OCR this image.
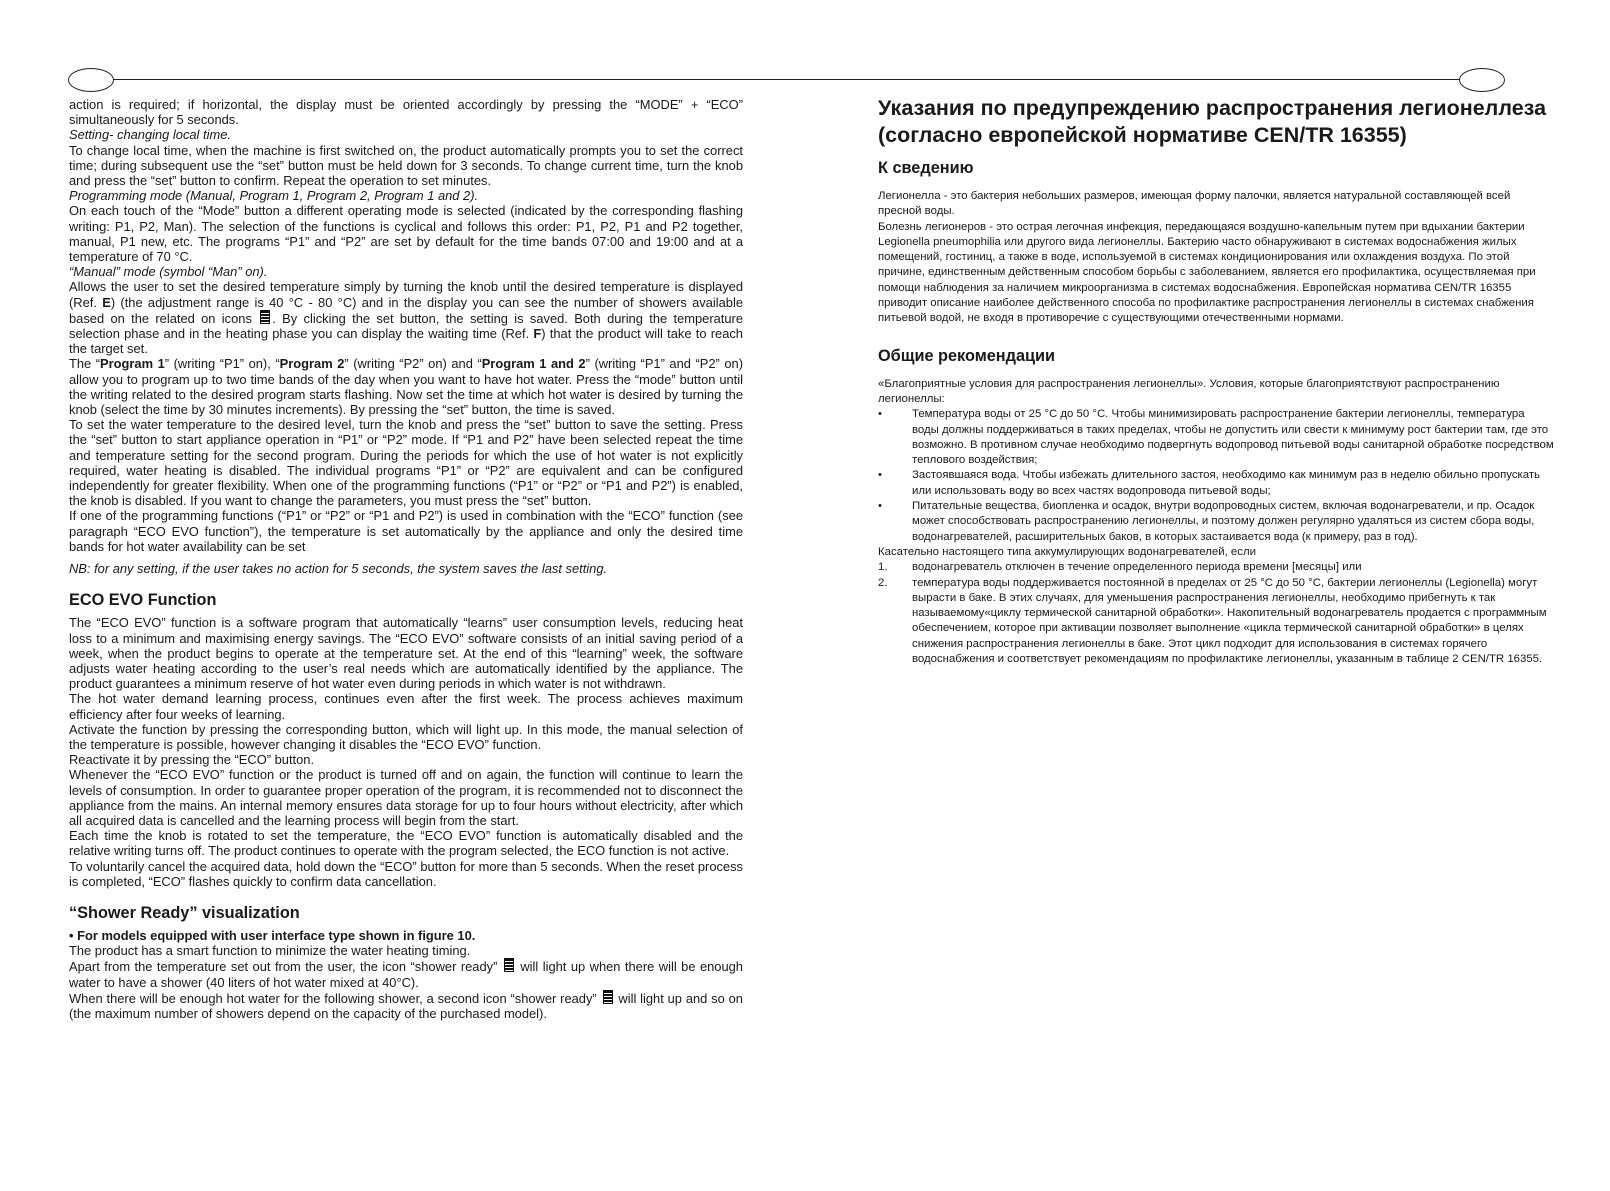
action is required; if horizontal, the display must be oriented accordingly by pressing the “MODE” + “ECO” simultaneously for 5 seconds.

Setting- changing local time.

To change local time, when the machine is first switched on, the product automatically prompts you to set the correct time; during subsequent use the “set” button must be held down for 3 seconds. To change current time, turn the knob and press the “set” button to confirm. Repeat the operation to set minutes.

Programming mode (Manual, Program 1, Program 2, Program 1 and 2).

On each touch of the “Mode” button a different operating mode is selected (indicated by the corresponding flashing writing: P1, P2, Man). The selection of the functions is cyclical and follows this order: P1, P2, P1 and P2 together, manual, P1 new, etc. The programs “P1” and “P2” are set by default for the time bands 07:00 and 19:00 and at a temperature of 70 °C.

“Manual” mode (symbol “Man” on).

Allows the user to set the desired temperature simply by turning the knob until the desired temperature is displayed (Ref. E) (the adjustment range is 40 °C - 80 °C) and in the display you can see the number of showers available based on the related on icons . By clicking the set button, the setting is saved. Both during the temperature selection phase and in the heating phase you can display the waiting time (Ref. F) that the product will take to reach the target set.

The “Program 1” (writing “P1” on), “Program 2” (writing “P2” on) and “Program 1 and 2” (writing “P1” and “P2” on) allow you to program up to two time bands of the day when you want to have hot water. Press the “mode” button until the writing related to the desired program starts flashing. Now set the time at which hot water is desired by turning the knob (select the time by 30 minutes increments). By pressing the “set” button, the time is saved.

To set the water temperature to the desired level, turn the knob and press the “set” button to save the setting. Press the “set” button to start appliance operation in “P1” or “P2” mode. If “P1 and P2” have been selected repeat the time and temperature setting for the second program. During the periods for which the use of hot water is not explicitly required, water heating is disabled. The individual programs “P1” or “P2” are equivalent and can be configured independently for greater flexibility. When one of the programming functions (“P1” or “P2” or “P1 and P2”) is enabled, the knob is disabled. If you want to change the parameters, you must press the “set” button.

If one of the programming functions (“P1” or “P2” or “P1 and P2”) is used in combination with the “ECO” function (see paragraph “ECO EVO function”), the temperature is set automatically by the appliance and only the desired time bands for hot water availability can be set

NB: for any setting, if the user takes no action for 5 seconds, the system saves the last setting.

ECO EVO Function

The “ECO EVO” function is a software program that automatically “learns” user consumption levels, reducing heat loss to a minimum and maximising energy savings. The “ECO EVO” software consists of an initial saving period of a week, when the product begins to operate at the temperature set. At the end of this “learning” week, the software adjusts water heating according to the user’s real needs which are automatically identified by the appliance. The product guarantees a minimum reserve of hot water even during periods in which water is not withdrawn.

The hot water demand learning process, continues even after the first week. The process achieves maximum efficiency after four weeks of learning.

Activate the function by pressing the corresponding button, which will light up. In this mode, the manual selection of the temperature is possible, however changing it disables the “ECO EVO” function.

Reactivate it by pressing the “ECO” button.

Whenever the “ECO EVO” function or the product is turned off and on again, the function will continue to learn the levels of consumption. In order to guarantee proper operation of the program, it is recommended not to disconnect the appliance from the mains. An internal memory ensures data storage for up to four hours without electricity, after which all acquired data is cancelled and the learning process will begin from the start.

Each time the knob is rotated to set the temperature, the “ECO EVO” function is automatically disabled and the relative writing turns off. The product continues to operate with the program selected, the ECO function is not active.

To voluntarily cancel the acquired data, hold down the “ECO” button for more than 5 seconds. When the reset process is completed, “ECO” flashes quickly to confirm data cancellation.

“Shower Ready” visualization

• For models equipped with user interface type shown in figure 10.

The product has a smart function to minimize the water heating timing.

Apart from the temperature set out from the user, the icon “shower ready” will light up when there will be enough water to have a shower (40 liters of hot water mixed at 40°C).

When there will be enough hot water for the following shower, a second icon “shower ready” will light up and so on (the maximum number of showers depend on the capacity of the purchased model).

Указания по предупреждению распространения легионеллеза
(согласно европейской нормативе CEN/TR 16355)
К сведению

Легионелла - это бактерия небольших размеров, имеющая форму палочки, является натуральной составляющей всей пресной воды.

Болезнь легионеров - это острая легочная инфекция, передающаяся воздушно-капельным путем при вдыхании бактерии Legionella pneumophilia или другого вида легионеллы. Бактерию часто обнаруживают в системах водоснабжения жилых помещений, гостиниц, а также в воде, используемой в системах кондиционирования или охлаждения воздуха. По этой причине, единственным действенным способом борьбы с заболеванием, является его профилактика, осуществляемая при помощи наблюдения за наличием микроорганизма в системах водоснабжения. Европейская нормативa CEN/TR 16355 приводит описание наиболее действенного способа по профилактике распространения легионеллы в системах снабжения питьевой водой, не входя в противоречие с существующими отечественными нормами.

Общие рекомендации

«Благоприятные условия для распространения легионеллы». Условия, которые благоприятствуют распространению легионеллы:

•	Температура воды от 25 °С до 50 °С. Чтобы минимизировать распространение бактерии легионеллы, температура воды должны поддерживаться в таких пределах, чтобы не допустить или свести к минимуму рост бактерии там, где это возможно. В противном случае необходимо подвергнуть водопровод питьевой воды санитарной обработке посредством теплового воздействия;
•	Застоявшаяся вода. Чтобы избежать длительного застоя, необходимо как минимум раз в неделю обильно пропускать или использовать воду во всех частях водопровода питьевой воды;
•	Питательные вещества, биопленка и осадок, внутри водопроводных систем, включая водонагреватели, и пр. Осадок может способствовать распространению легионеллы, и поэтому должен регулярно удаляться из систем сбора воды, водонагревателей, расширительных баков, в которых застаивается вода (к примеру, раз в год).

Касательно настоящего типа аккумулирующих водонагревателей, если

1. водонагреватель отключен в течение определенного периода времени [месяцы] или
2. температура воды поддерживается постоянной в пределах от 25 °С до 50 °С, бактерии легионеллы (Legionella) могут вырасти в баке. В этих случаях, для уменьшения распространения легионеллы, необходимо прибегнуть к так называемому«циклу термической санитарной обработки». Накопительный водонагреватель продается с программным обеспечением, которое при активации позволяет выполнение «цикла термической санитарной обработки» в целях снижения распространения легионеллы в баке. Этот цикл подходит для использования в системах горячего водоснабжения и соответствует рекомендациям по профилактике легионеллы, указанным в таблице 2 CEN/TR 16355.
